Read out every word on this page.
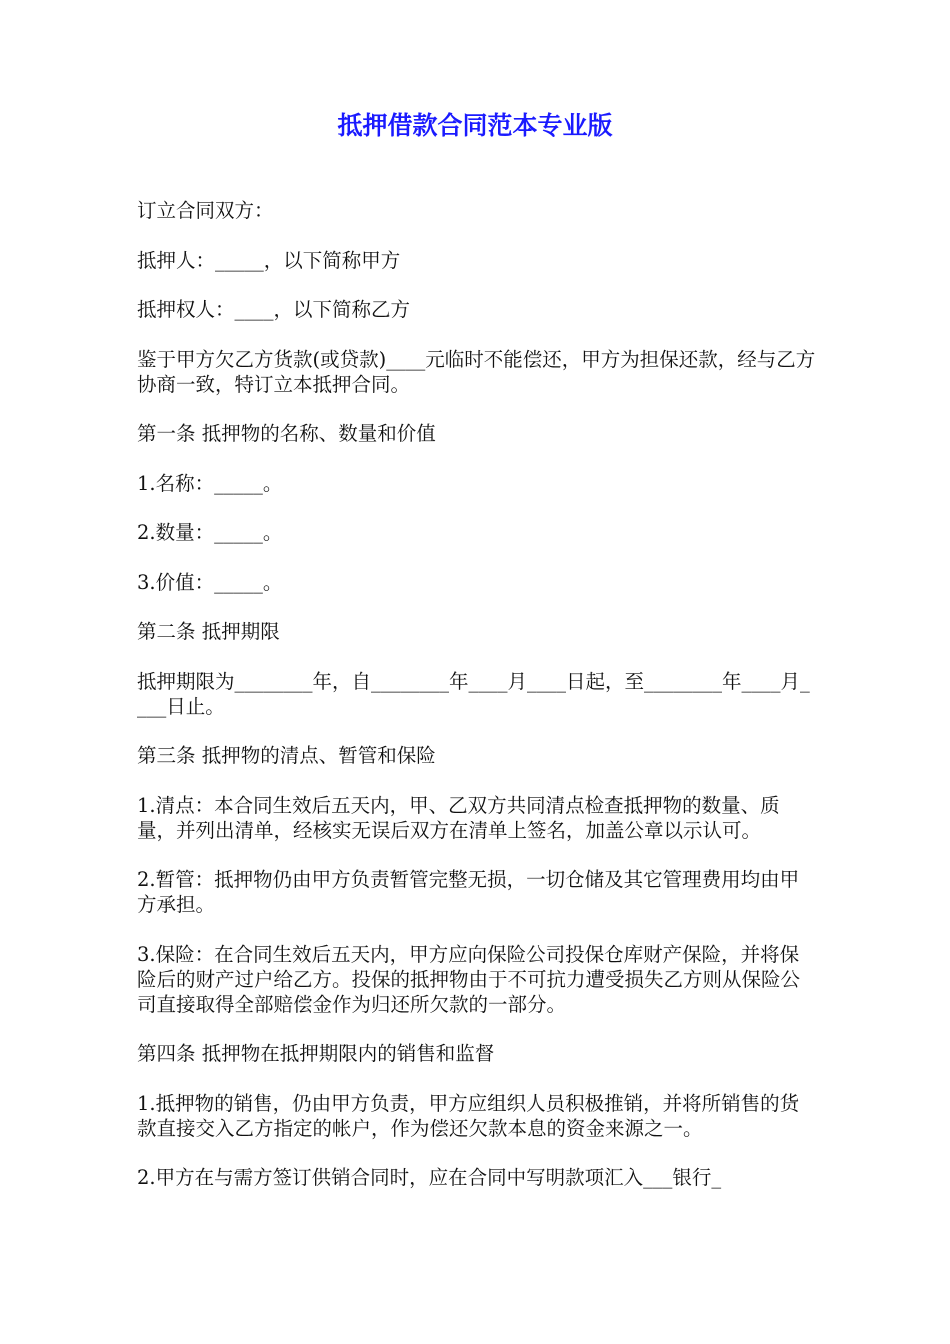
抵押借款合同范本专业版

订立合同双方：

抵押人：_____，以下简称甲方

抵押权人：____，以下简称乙方

鉴于甲方欠乙方货款(或贷款)____元临时不能偿还，甲方为担保还款，经与乙方协商一致，特订立本抵押合同。

第一条 抵押物的名称、数量和价值

1.名称：_____。

2.数量：_____。

3.价值：_____。

第二条 抵押期限

抵押期限为________年，自________年____月____日起，至________年____月____日止。

第三条 抵押物的清点、暂管和保险

1.清点：本合同生效后五天内，甲、乙双方共同清点检查抵押物的数量、质量，并列出清单，经核实无误后双方在清单上签名，加盖公章以示认可。

2.暂管：抵押物仍由甲方负责暂管完整无损，一切仓储及其它管理费用均由甲方承担。

3.保险：在合同生效后五天内，甲方应向保险公司投保仓库财产保险，并将保险后的财产过户给乙方。投保的抵押物由于不可抗力遭受损失乙方则从保险公司直接取得全部赔偿金作为归还所欠款的一部分。

第四条 抵押物在抵押期限内的销售和监督

1.抵押物的销售，仍由甲方负责，甲方应组织人员积极推销，并将所销售的货款直接交入乙方指定的帐户，作为偿还欠款本息的资金来源之一。

2.甲方在与需方签订供销合同时，应在合同中写明款项汇入___银行_
